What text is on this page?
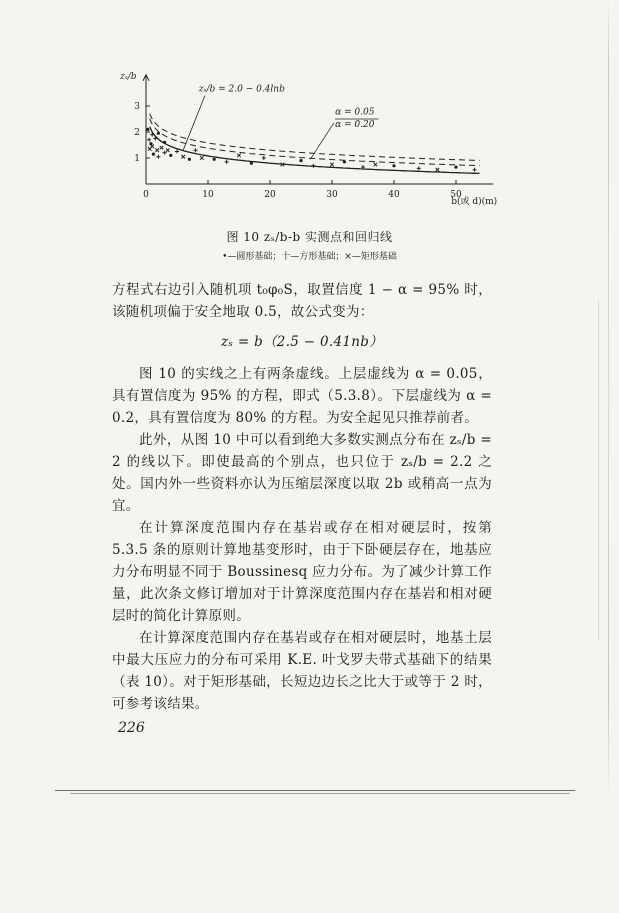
0	10	20	30	40	50
1
2
3
zₛ/b
b(或 d)(m)
zₛ/b = 2.0 − 0.4lnb
α = 0.05
α = 0.20
图 10 zₛ/b-b 实测点和回归线
•—圆形基础；十—方形基础；×—矩形基础

方程式右边引入随机项 t₀φ₀S，取置信度 1 − α = 95% 时，该随机项偏于安全地取 0.5，故公式变为：

zₛ = b（2.5 − 0.41nb）

图 10 的实线之上有两条虚线。上层虚线为 α = 0.05，具有置信度为 95% 的方程，即式（5.3.8）。下层虚线为 α = 0.2，具有置信度为 80% 的方程。为安全起见只推荐前者。

此外，从图 10 中可以看到绝大多数实测点分布在 zₛ/b = 2 的线以下。即使最高的个别点，也只位于 zₛ/b = 2.2 之处。国内外一些资料亦认为压缩层深度以取 2b 或稍高一点为宜。

在计算深度范围内存在基岩或存在相对硬层时，按第 5.3.5 条的原则计算地基变形时，由于下卧硬层存在，地基应力分布明显不同于 Boussinesq 应力分布。为了减少计算工作量，此次条文修订增加对于计算深度范围内存在基岩和相对硬层时的简化计算原则。

在计算深度范围内存在基岩或存在相对硬层时，地基土层中最大压应力的分布可采用 K.E. 叶戈罗夫带式基础下的结果（表 10）。对于矩形基础，长短边边长之比大于或等于 2 时，可参考该结果。

226
